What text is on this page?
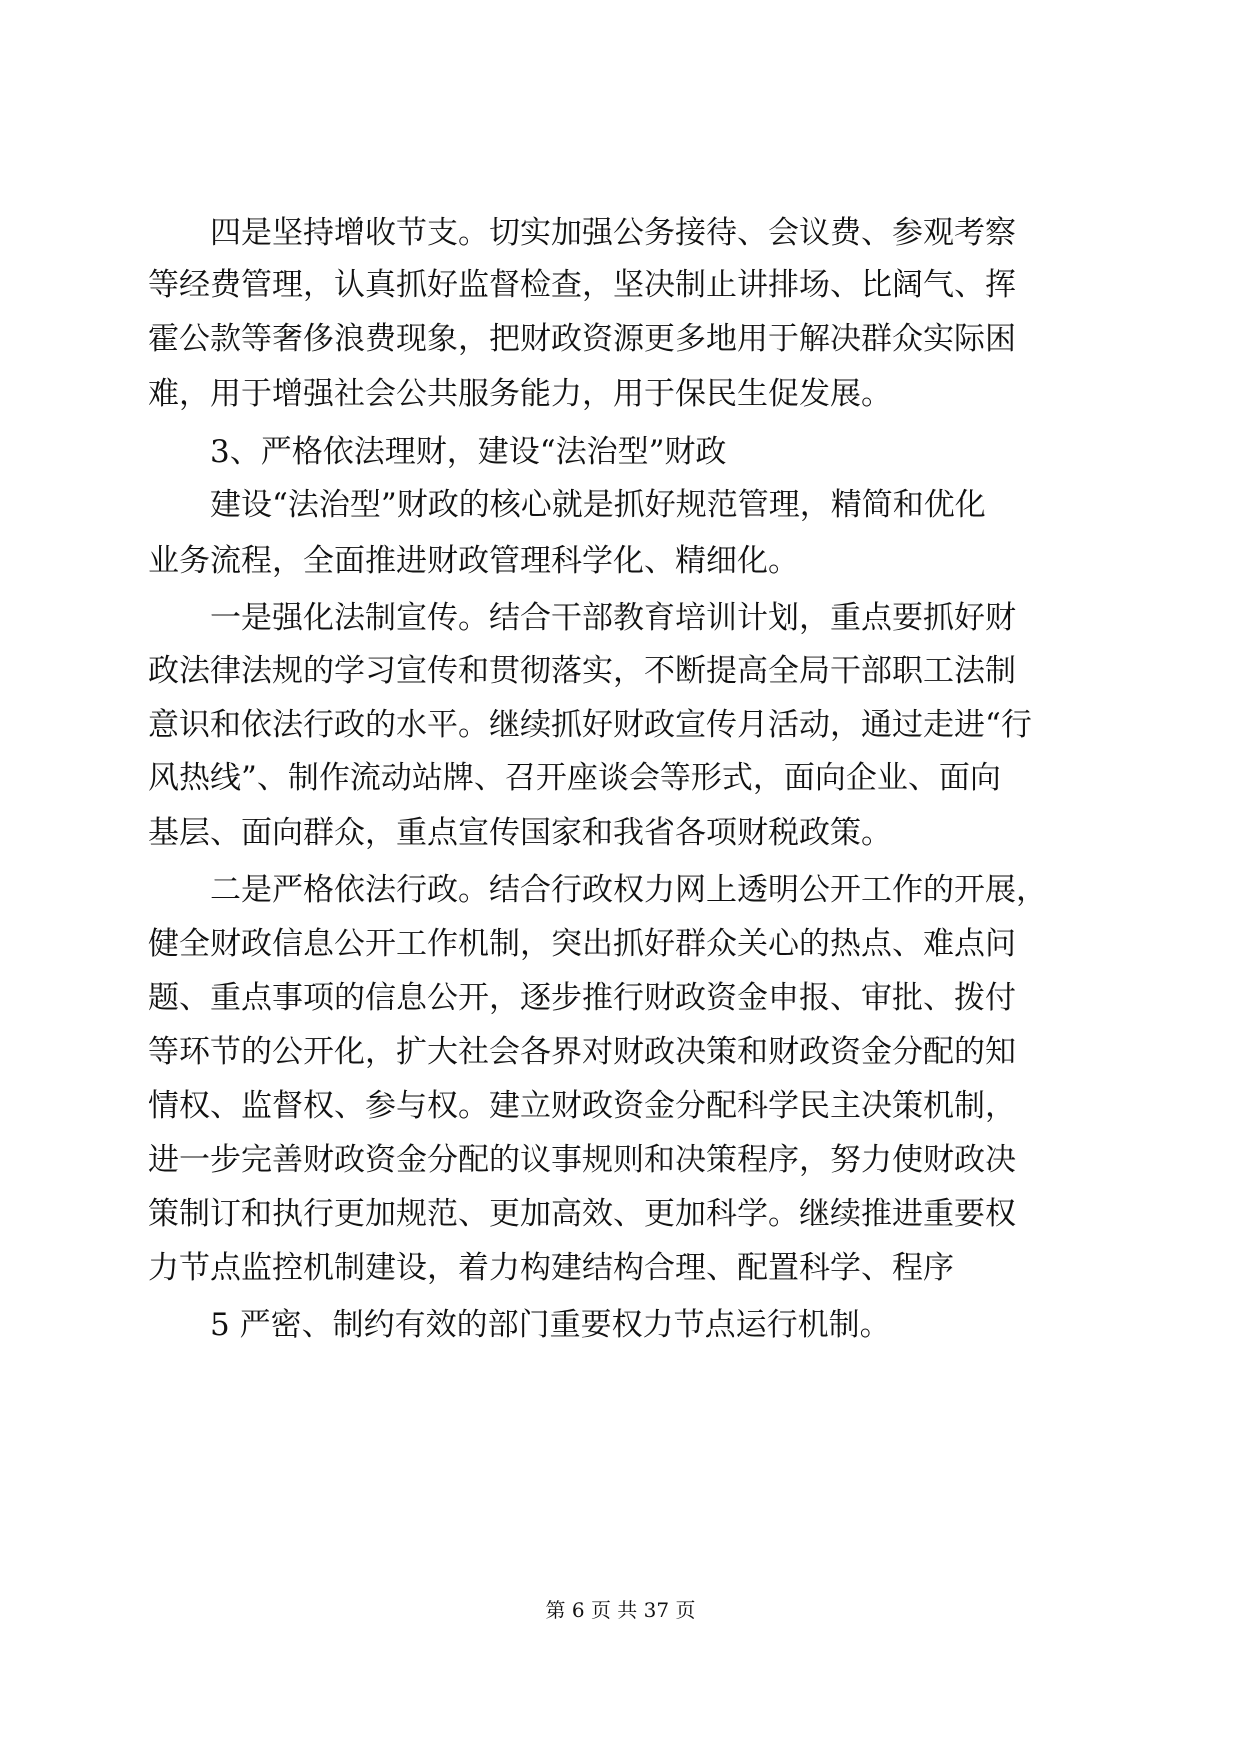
四是坚持增收节支。切实加强公务接待、会议费、参观考察
等经费管理，认真抓好监督检查，坚决制止讲排场、比阔气、挥
霍公款等奢侈浪费现象，把财政资源更多地用于解决群众实际困
难，用于增强社会公共服务能力，用于保民生促发展。
3、严格依法理财，建设“法治型”财政
建设“法治型”财政的核心就是抓好规范管理，精简和优化
业务流程，全面推进财政管理科学化、精细化。
一是强化法制宣传。结合干部教育培训计划，重点要抓好财
政法律法规的学习宣传和贯彻落实，不断提高全局干部职工法制
意识和依法行政的水平。继续抓好财政宣传月活动，通过走进“行
风热线”、制作流动站牌、召开座谈会等形式，面向企业、面向
基层、面向群众，重点宣传国家和我省各项财税政策。
二是严格依法行政。结合行政权力网上透明公开工作的开展，
健全财政信息公开工作机制，突出抓好群众关心的热点、难点问
题、重点事项的信息公开，逐步推行财政资金申报、审批、拨付
等环节的公开化，扩大社会各界对财政决策和财政资金分配的知
情权、监督权、参与权。建立财政资金分配科学民主决策机制，
进一步完善财政资金分配的议事规则和决策程序，努力使财政决
策制订和执行更加规范、更加高效、更加科学。继续推进重要权
力节点监控机制建设，着力构建结构合理、配置科学、程序
5 严密、制约有效的部门重要权力节点运行机制。
第 6 页 共 37 页
